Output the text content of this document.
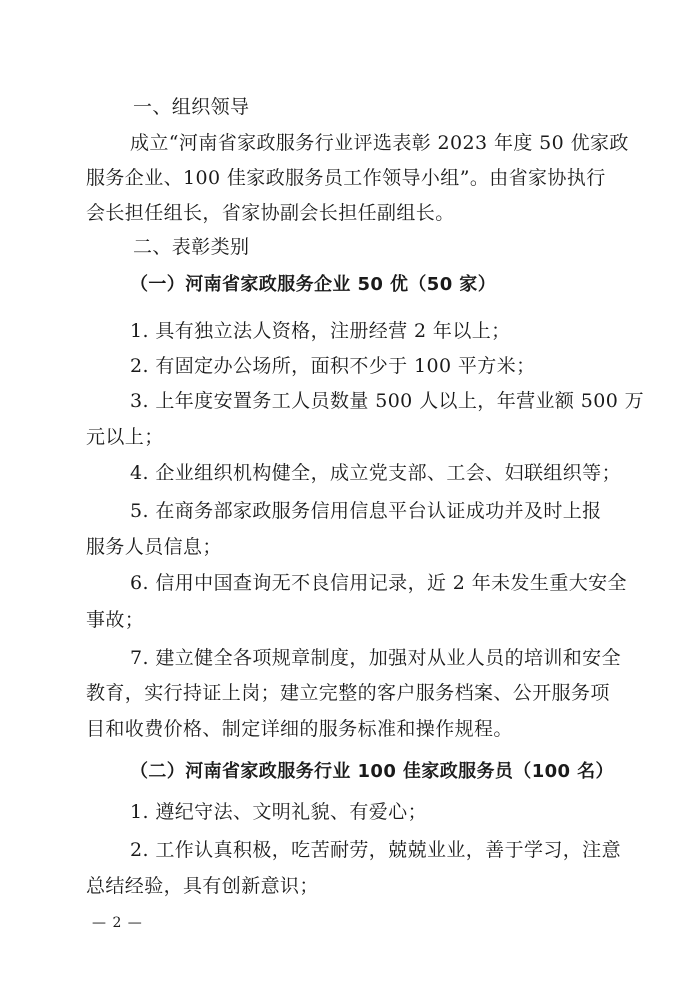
一、组织领导
成立“河南省家政服务行业评选表彰 2023 年度 50 优家政
服务企业、100 佳家政服务员工作领导小组”。由省家协执行
会长担任组长，省家协副会长担任副组长。
二、表彰类别
（一）河南省家政服务企业 50 优（50 家）
1. 具有独立法人资格，注册经营 2 年以上；
2. 有固定办公场所，面积不少于 100 平方米；
3. 上年度安置务工人员数量 500 人以上，年营业额 500 万
元以上；
4. 企业组织机构健全，成立党支部、工会、妇联组织等；
5. 在商务部家政服务信用信息平台认证成功并及时上报
服务人员信息；
6. 信用中国查询无不良信用记录，近 2 年未发生重大安全
事故；
7. 建立健全各项规章制度，加强对从业人员的培训和安全
教育，实行持证上岗；建立完整的客户服务档案、公开服务项
目和收费价格、制定详细的服务标准和操作规程。
（二）河南省家政服务行业 100 佳家政服务员（100 名）
1. 遵纪守法、文明礼貌、有爱心；
2. 工作认真积极，吃苦耐劳，兢兢业业，善于学习，注意
总结经验，具有创新意识；
— 2 —
